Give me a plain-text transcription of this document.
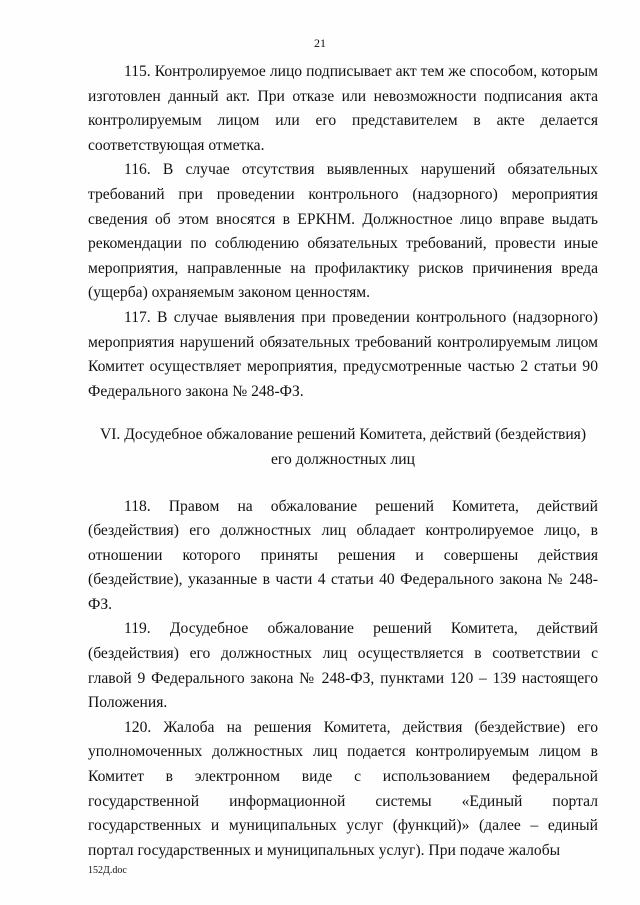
21

115. Контролируемое лицо подписывает акт тем же способом, которым изготовлен данный акт. При отказе или невозможности подписания акта контролируемым лицом или его представителем в акте делается соответствующая отметка.

116. В случае отсутствия выявленных нарушений обязательных требований при проведении контрольного (надзорного) мероприятия сведения об этом вносятся в ЕРКНМ. Должностное лицо вправе выдать рекомендации по соблюдению обязательных требований, провести иные мероприятия, направленные на профилактику рисков причинения вреда (ущерба) охраняемым законом ценностям.

117. В случае выявления при проведении контрольного (надзорного) мероприятия нарушений обязательных требований контролируемым лицом Комитет осуществляет мероприятия, предусмотренные частью 2 статьи 90 Федерального закона № 248-ФЗ.

VI. Досудебное обжалование решений Комитета, действий (бездействия)
его должностных лиц

118. Правом на обжалование решений Комитета, действий (бездействия) его должностных лиц обладает контролируемое лицо, в отношении которого приняты решения и совершены действия (бездействие), указанные в части 4 статьи 40 Федерального закона № 248-ФЗ.

119. Досудебное обжалование решений Комитета, действий (бездействия) его должностных лиц осуществляется в соответствии с главой 9 Федерального закона № 248-ФЗ, пунктами 120 – 139 настоящего Положения.

120. Жалоба на решения Комитета, действия (бездействие) его уполномоченных должностных лиц подается контролируемым лицом в Комитет в электронном виде с использованием федеральной государственной информационной системы «Единый портал государственных и муниципальных услуг (функций)» (далее – единый портал государственных и муниципальных услуг). При подаче жалобы

152Д.doc
